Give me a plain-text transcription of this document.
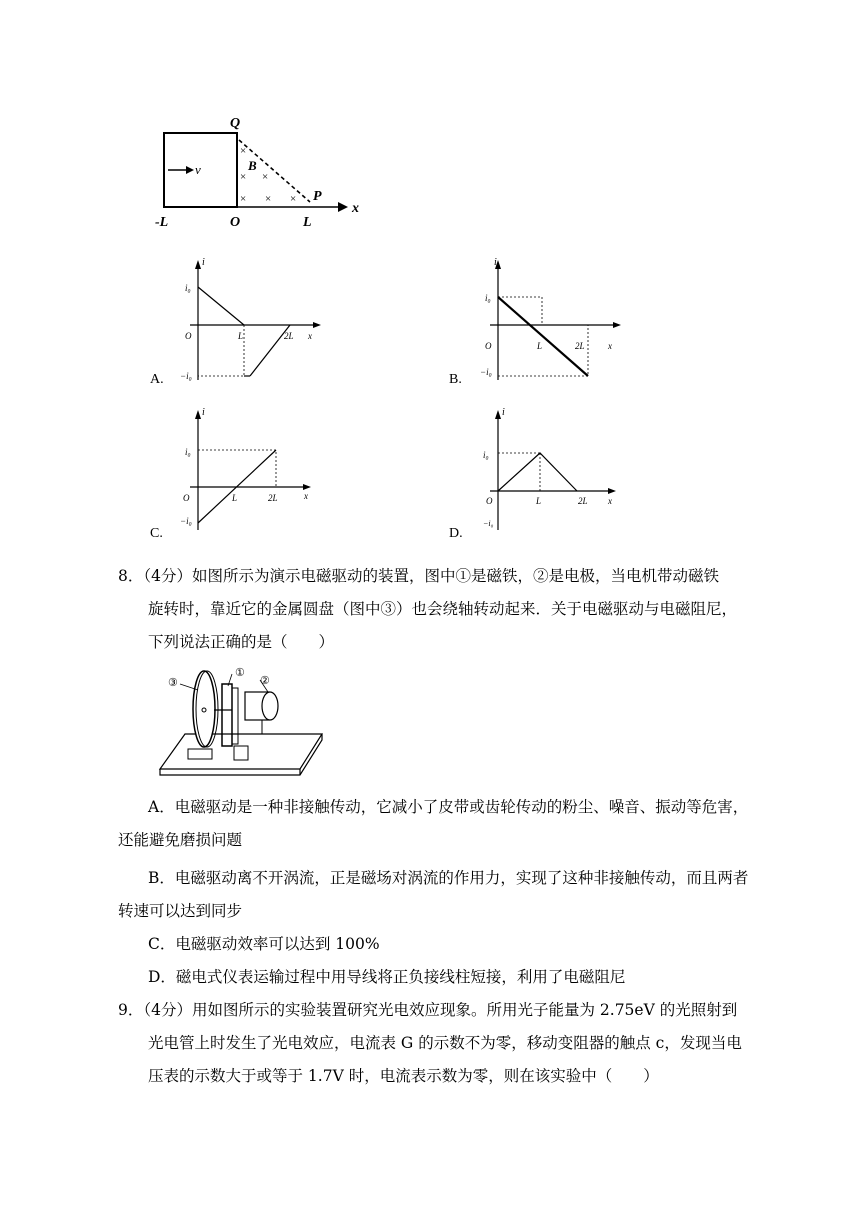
v
x
×
× ×
× × ×
B
Q
P
-L	O	L
i
i₀
O	L	2L x
−i₀
A.
i
i₀
O	L	2L	x
−i₀
B.
i
i₀
O	L	2L	x
−i₀
C.
i
i₀
O	L	2L x
−i₀
D.
8．（4分）如图所示为演示电磁驱动的装置，图中①是磁铁，②是电极，当电机带动磁铁
旋转时，靠近它的金属圆盘（图中③）也会绕轴转动起来．关于电磁驱动与电磁阻尼，
下列说法正确的是（　　）
③
①
②
A．电磁驱动是一种非接触传动，它减小了皮带或齿轮传动的粉尘、噪音、振动等危害，
还能避免磨损问题
B．电磁驱动离不开涡流，正是磁场对涡流的作用力，实现了这种非接触传动，而且两者
转速可以达到同步
C．电磁驱动效率可以达到 100%
D．磁电式仪表运输过程中用导线将正负接线柱短接，利用了电磁阻尼
9．（4分）用如图所示的实验装置研究光电效应现象。所用光子能量为 2.75eV 的光照射到
光电管上时发生了光电效应，电流表 G 的示数不为零，移动变阻器的触点 c，发现当电
压表的示数大于或等于 1.7V 时，电流表示数为零，则在该实验中（　　）
